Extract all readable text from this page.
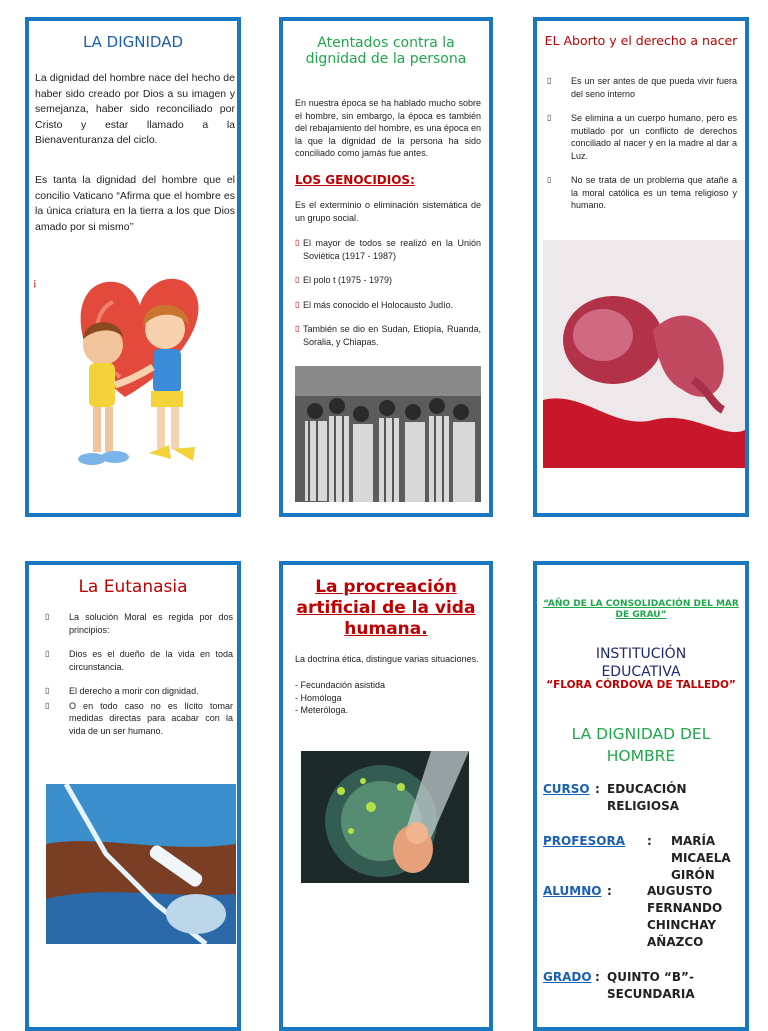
LA DIGNIDAD
La dignidad del hombre nace del hecho de haber sido creado por Dios a su imagen y semejanza, haber sido reconciliado por Cristo y estar llamado a la Bienaventuranza del ciclo.
Es tanta la dignidad del hombre que el concilio Vaticano “Afirma que el hombre es la única criatura en la tierra a los que Dios amado por si mismo’’
¡
Atentados contra la dignidad de la persona
En nuestra época se ha hablado mucho sobre el hombre, sin embargo, la época es también del rebajamiento del hombre, es una época en la que la dignidad de la persona ha sido conciliado como jamás fue antes.
LOS GENOCIDIOS:
Es el exterminio o eliminación sistemática de un grupo social.
▯ El mayor de todos se realizó en la Unión Soviética (1917 - 1987)
▯ El polo t (1975 - 1979)
▯ El más conocido el Holocausto Judío.
▯ También se dio en Sudan, Etiopía, Ruanda, Soralia, y Chiapas.
EL Aborto y el derecho a nacer
▯ Es un ser antes de que pueda vivir fuera del seno interno
▯ Se elimina a un cuerpo humano, pero es mutilado por un conflicto de derechos conciliado al nacer y en la madre al dar a Luz.
▯ No se trata de un problema que atañe a la moral católica es un tema religioso y humano.
La Eutanasia
▯ La solución Moral es regida por dos principios:
▯ Dios es el dueño de la vida en toda circunstancia.
▯ El derecho a morir con dignidad.
▯ O en todo caso no es lícito tomar medidas directas para acabar con la vida de un ser humano.
La procreación artificial de la vida humana.
La doctrina ética, distingue varias situaciones.
- Fecundación asistida
- Homóloga
- Meteróloga.
“AÑO DE LA CONSOLIDACIÓN DEL MAR DE GRAU”
INSTITUCIÓN EDUCATIVA
“FLORA CÓRDOVA DE TALLEDO”
LA DIGNIDAD DEL HOMBRE
CURSO : EDUCACIÓN RELIGIOSA
PROFESORA :	MARÍA MICAELA GIRÓN
ALUMNO :	AUGUSTO FERNANDO CHINCHAY AÑAZCO
GRADO : QUINTO “B”- SECUNDARIA
